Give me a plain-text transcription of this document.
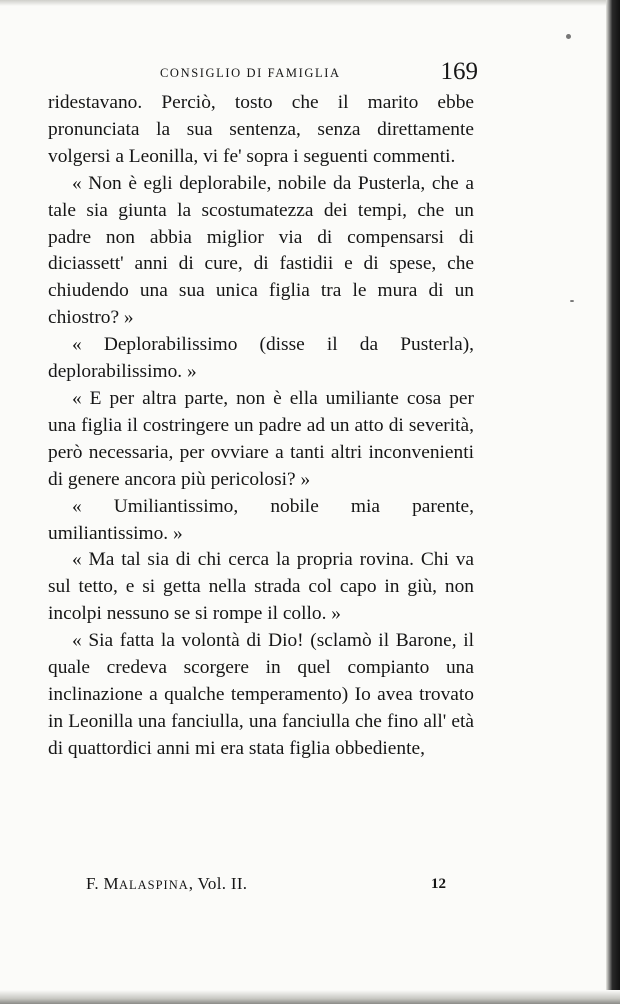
CONSIGLIO DI FAMIGLIA	169

ridestavano. Perciò, tosto che il marito ebbe pronunciata la sua sentenza, senza direttamente volgersi a Leonilla, vi fe' sopra i seguenti commenti.

« Non è egli deplorabile, nobile da Pusterla, che a tale sia giunta la scostumatezza dei tempi, che un padre non abbia miglior via di compensarsi di diciassett' anni di cure, di fastidii e di spese, che chiudendo una sua unica figlia tra le mura di un chiostro? »

« Deplorabilissimo (disse il da Pusterla), deplorabilissimo. »

« E per altra parte, non è ella umiliante cosa per una figlia il costringere un padre ad un atto di severità, però necessaria, per ovviare a tanti altri inconvenienti di genere ancora più pericolosi? »

« Umiliantissimo, nobile mia parente, umiliantissimo. »

« Ma tal sia di chi cerca la propria rovina. Chi va sul tetto, e si getta nella strada col capo in giù, non incolpi nessuno se si rompe il collo. »

« Sia fatta la volontà di Dio! (sclamò il Barone, il quale credeva scorgere in quel compianto una inclinazione a qualche temperamento) Io avea trovato in Leonilla una fanciulla, una fanciulla che fino all' età di quattordici anni mi era stata figlia obbediente,

F. MALASPINA, Vol. II.	12
